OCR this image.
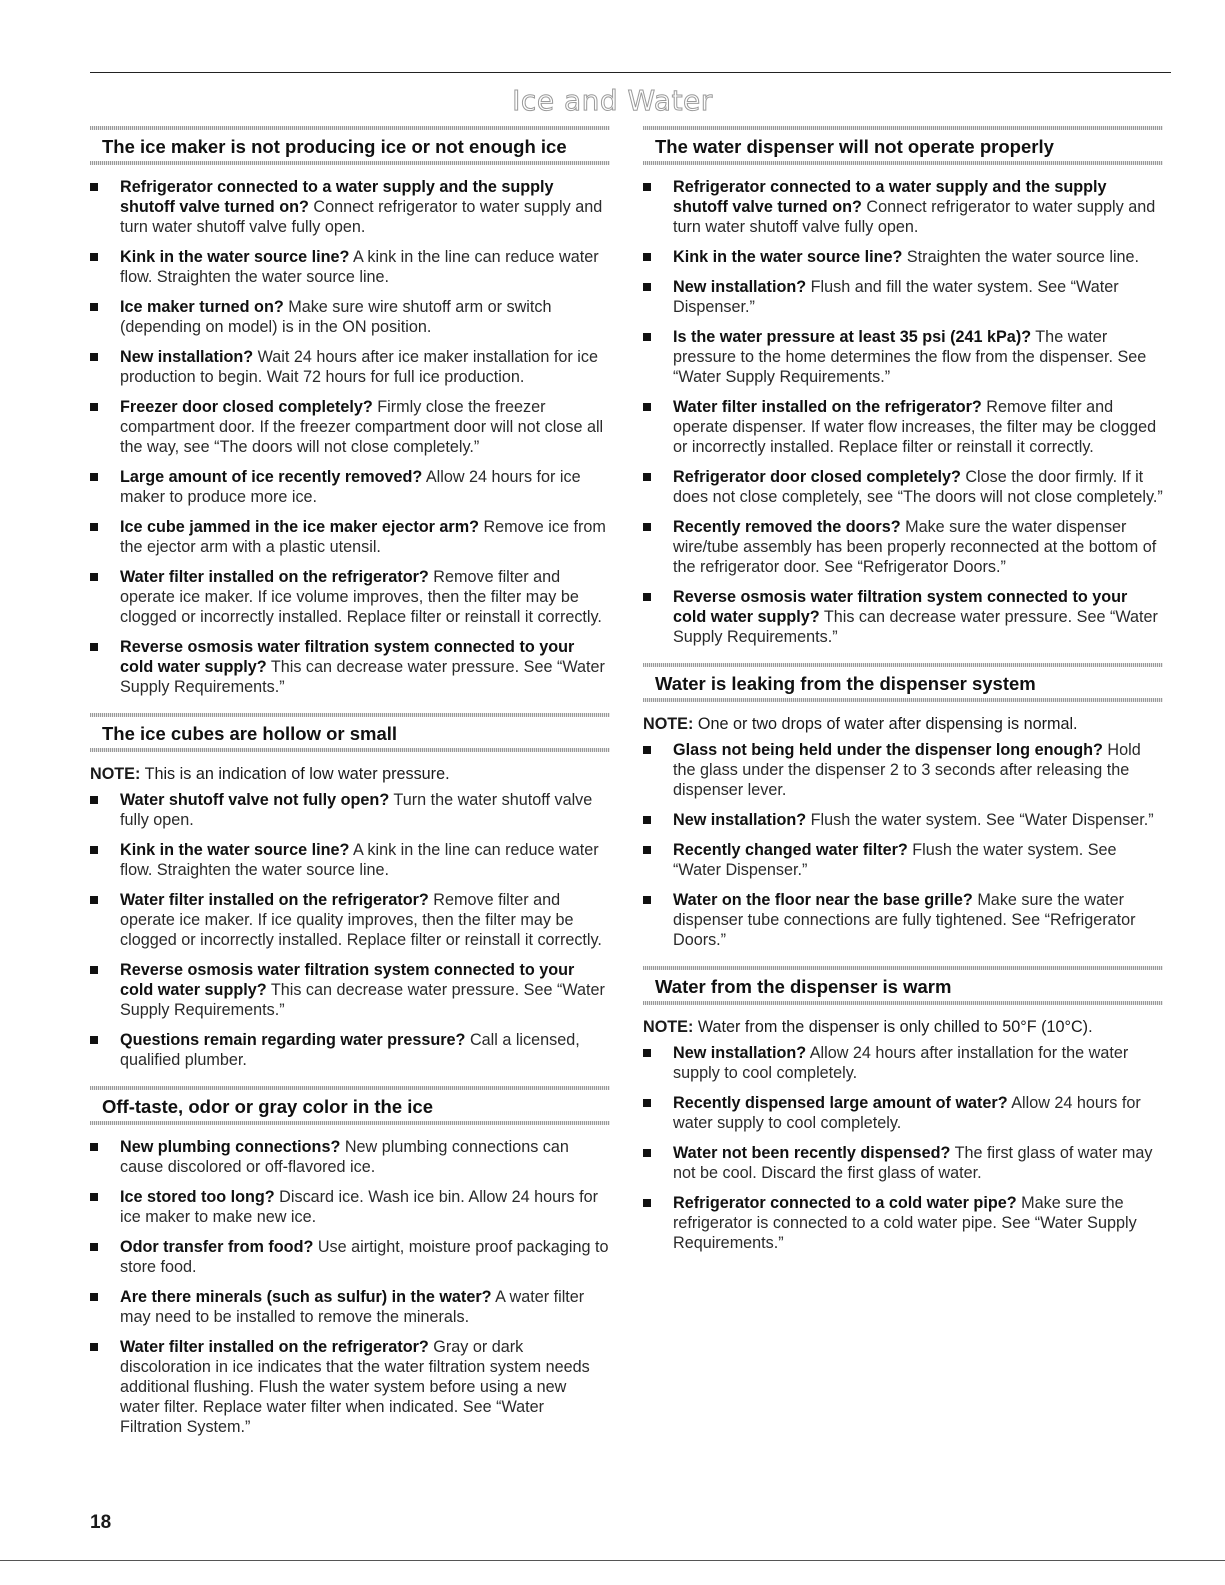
Ice and Water
The ice maker is not producing ice or not enough ice
Refrigerator connected to a water supply and the supply shutoff valve turned on? Connect refrigerator to water supply and turn water shutoff valve fully open.
Kink in the water source line? A kink in the line can reduce water flow. Straighten the water source line.
Ice maker turned on? Make sure wire shutoff arm or switch (depending on model) is in the ON position.
New installation? Wait 24 hours after ice maker installation for ice production to begin. Wait 72 hours for full ice production.
Freezer door closed completely? Firmly close the freezer compartment door. If the freezer compartment door will not close all the way, see “The doors will not close completely.”
Large amount of ice recently removed? Allow 24 hours for ice maker to produce more ice.
Ice cube jammed in the ice maker ejector arm? Remove ice from the ejector arm with a plastic utensil.
Water filter installed on the refrigerator? Remove filter and operate ice maker. If ice volume improves, then the filter may be clogged or incorrectly installed. Replace filter or reinstall it correctly.
Reverse osmosis water filtration system connected to your cold water supply? This can decrease water pressure. See “Water Supply Requirements.”
The ice cubes are hollow or small

NOTE: This is an indication of low water pressure.

Water shutoff valve not fully open? Turn the water shutoff valve fully open.
Kink in the water source line? A kink in the line can reduce water flow. Straighten the water source line.
Water filter installed on the refrigerator? Remove filter and operate ice maker. If ice quality improves, then the filter may be clogged or incorrectly installed. Replace filter or reinstall it correctly.
Reverse osmosis water filtration system connected to your cold water supply? This can decrease water pressure. See “Water Supply Requirements.”
Questions remain regarding water pressure? Call a licensed, qualified plumber.
Off-taste, odor or gray color in the ice
New plumbing connections? New plumbing connections can cause discolored or off-flavored ice.
Ice stored too long? Discard ice. Wash ice bin. Allow 24 hours for ice maker to make new ice.
Odor transfer from food? Use airtight, moisture proof packaging to store food.
Are there minerals (such as sulfur) in the water? A water filter may need to be installed to remove the minerals.
Water filter installed on the refrigerator? Gray or dark discoloration in ice indicates that the water filtration system needs additional flushing. Flush the water system before using a new water filter. Replace water filter when indicated. See “Water Filtration System.”
The water dispenser will not operate properly
Refrigerator connected to a water supply and the supply shutoff valve turned on? Connect refrigerator to water supply and turn water shutoff valve fully open.
Kink in the water source line? Straighten the water source line.
New installation? Flush and fill the water system. See “Water Dispenser.”
Is the water pressure at least 35 psi (241 kPa)? The water pressure to the home determines the flow from the dispenser. See “Water Supply Requirements.”
Water filter installed on the refrigerator? Remove filter and operate dispenser. If water flow increases, the filter may be clogged or incorrectly installed. Replace filter or reinstall it correctly.
Refrigerator door closed completely? Close the door firmly. If it does not close completely, see “The doors will not close completely.”
Recently removed the doors? Make sure the water dispenser wire/tube assembly has been properly reconnected at the bottom of the refrigerator door. See “Refrigerator Doors.”
Reverse osmosis water filtration system connected to your cold water supply? This can decrease water pressure. See “Water Supply Requirements.”
Water is leaking from the dispenser system

NOTE: One or two drops of water after dispensing is normal.

Glass not being held under the dispenser long enough? Hold the glass under the dispenser 2 to 3 seconds after releasing the dispenser lever.
New installation? Flush the water system. See “Water Dispenser.”
Recently changed water filter? Flush the water system. See “Water Dispenser.”
Water on the floor near the base grille? Make sure the water dispenser tube connections are fully tightened. See “Refrigerator Doors.”
Water from the dispenser is warm

NOTE: Water from the dispenser is only chilled to 50°F (10°C).

New installation? Allow 24 hours after installation for the water supply to cool completely.
Recently dispensed large amount of water? Allow 24 hours for water supply to cool completely.
Water not been recently dispensed? The first glass of water may not be cool. Discard the first glass of water.
Refrigerator connected to a cold water pipe? Make sure the refrigerator is connected to a cold water pipe. See “Water Supply Requirements.”
18
